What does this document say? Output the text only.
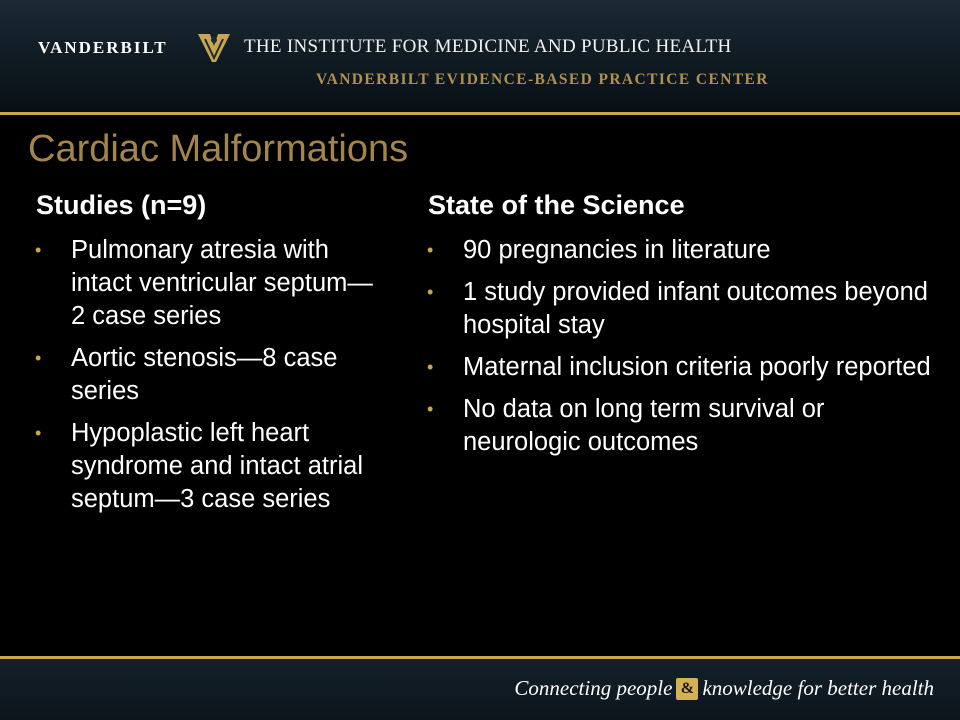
VANDERBILT	THE INSTITUTE FOR MEDICINE AND PUBLIC HEALTH
VANDERBILT EVIDENCE-BASED PRACTICE CENTER
Cardiac Malformations
Studies (n=9)
• Pulmonary atresia with intact ventricular septum—2 case series
• Aortic stenosis—8 case series
• Hypoplastic left heart syndrome and intact atrial septum—3 case series
State of the Science
• 90 pregnancies in literature
• 1 study provided infant outcomes beyond hospital stay
• Maternal inclusion criteria poorly reported
• No data on long term survival or neurologic outcomes
Connecting people & knowledge for better health
